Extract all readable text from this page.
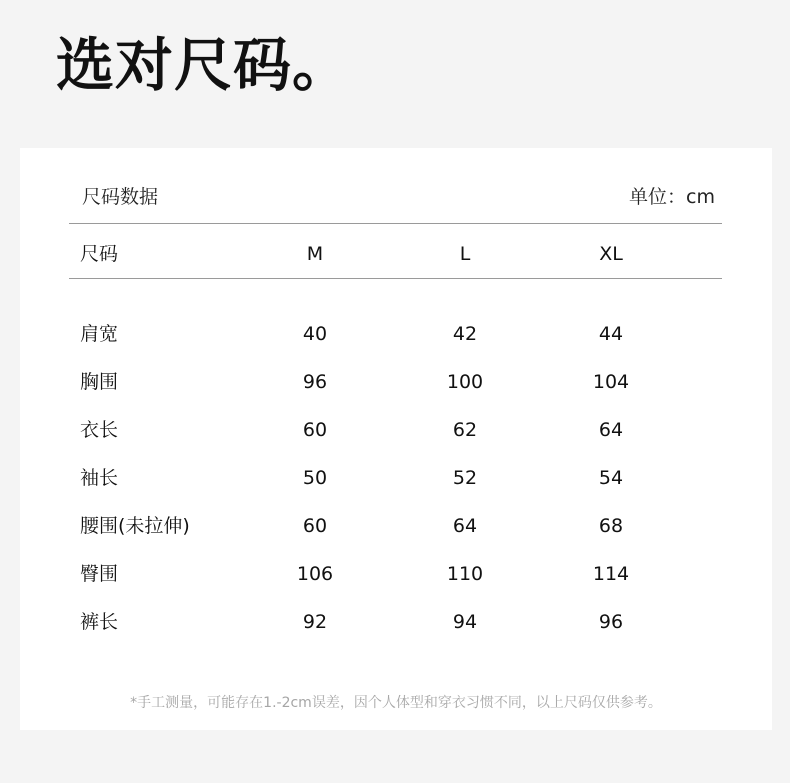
选对尺码。
尺码数据	单位：cm
尺码	M	L	XL
肩宽	40	42	44
胸围	96	100	104
衣长	60	62	64
袖长	50	52	54
腰围(未拉伸)	60	64	68
臀围	106	110	114
裤长	92	94	96
*手工测量，可能存在1.-2cm误差，因个人体型和穿衣习惯不同，以上尺码仅供参考。
